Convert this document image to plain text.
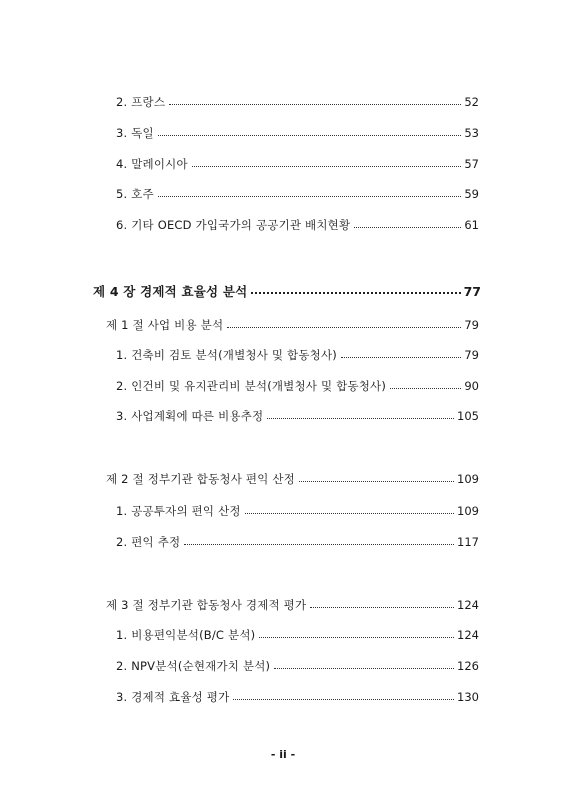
2. 프랑스	52
3. 독일	53
4. 말레이시아	57
5. 호주	59
6. 기타 OECD 가입국가의 공공기관 배치현황	61
제 4 장 경제적 효율성 분석	77
제 1 절 사업 비용 분석	79
1. 건축비 검토 분석(개별청사 및 합동청사)	79
2. 인건비 및 유지관리비 분석(개별청사 및 합동청사)	90
3. 사업계획에 따른 비용추정	105
제 2 절 정부기관 합동청사 편익 산정	109
1. 공공투자의 편익 산정	109
2. 편익 추정	117
제 3 절 정부기관 합동청사 경제적 평가	124
1. 비용편익분석(B/C 분석)	124
2. NPV분석(순현재가치 분석)	126
3. 경제적 효율성 평가	130
- ii -
